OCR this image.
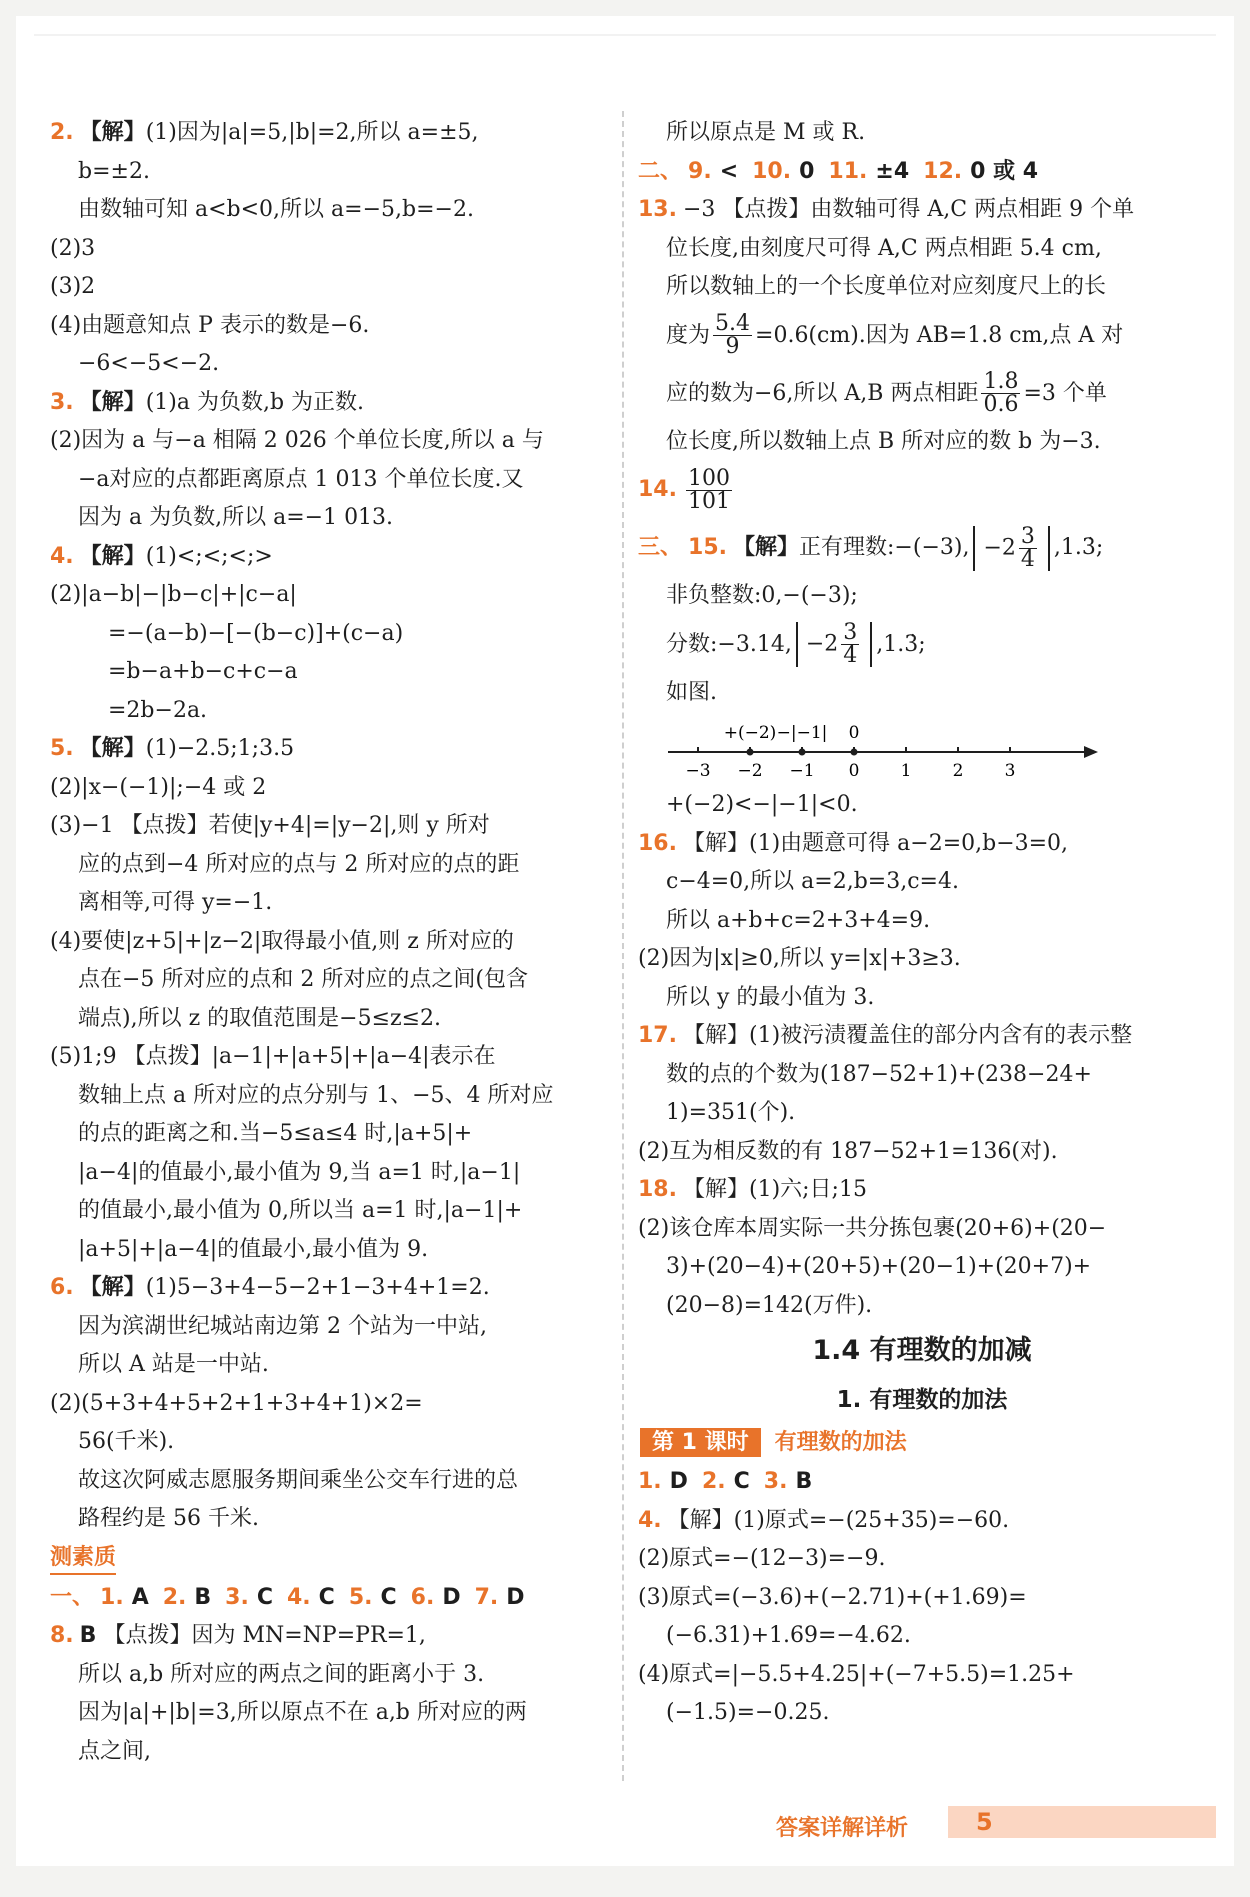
2. 【解】(1)因为|a|=5,|b|=2,所以 a=±5,
b=±2.
由数轴可知 a<b<0,所以 a=−5,b=−2.
(2)3
(3)2
(4)由题意知点 P 表示的数是−6.
−6<−5<−2.
3. 【解】(1)a 为负数,b 为正数.
(2)因为 a 与−a 相隔 2 026 个单位长度,所以 a 与
−a对应的点都距离原点 1 013 个单位长度.又
因为 a 为负数,所以 a=−1 013.
4. 【解】(1)<;<;<;>
(2)|a−b|−|b−c|+|c−a|
=−(a−b)−[−(b−c)]+(c−a)
=b−a+b−c+c−a
=2b−2a.
5. 【解】(1)−2.5;1;3.5
(2)|x−(−1)|;−4 或 2
(3)−1 【点拨】若使|y+4|=|y−2|,则 y 所对
应的点到−4 所对应的点与 2 所对应的点的距
离相等,可得 y=−1.
(4)要使|z+5|+|z−2|取得最小值,则 z 所对应的
点在−5 所对应的点和 2 所对应的点之间(包含
端点),所以 z 的取值范围是−5≤z≤2.
(5)1;9 【点拨】|a−1|+|a+5|+|a−4|表示在
数轴上点 a 所对应的点分别与 1、−5、4 所对应
的点的距离之和.当−5≤a≤4 时,|a+5|+
|a−4|的值最小,最小值为 9,当 a=1 时,|a−1|
的值最小,最小值为 0,所以当 a=1 时,|a−1|+
|a+5|+|a−4|的值最小,最小值为 9.
6. 【解】(1)5−3+4−5−2+1−3+4+1=2.
因为滨湖世纪城站南边第 2 个站为一中站,
所以 A 站是一中站.
(2)(5+3+4+5+2+1+3+4+1)×2=
56(千米).
故这次阿威志愿服务期间乘坐公交车行进的总
路程约是 56 千米.
测素质
一、 1. A 2. B 3. C 4. C 5. C 6. D 7. D
8. B 【点拨】因为 MN=NP=PR=1,
所以 a,b 所对应的两点之间的距离小于 3.
因为|a|+|b|=3,所以原点不在 a,b 所对应的两
点之间,
所以原点是 M 或 R.
二、 9. < 10. 0 11. ±4 12. 0 或 4
13. −3 【点拨】由数轴可得 A,C 两点相距 9 个单
位长度,由刻度尺可得 A,C 两点相距 5.4 cm,
所以数轴上的一个长度单位对应刻度尺上的长
度为 $\frac{5.4}{9} =0.6(cm)$.因为 AB=1.8 cm,点 A 对
应的数为−6,所以 A,B 两点相距 $\frac{1.8}{0.6} =3$ 个单
位长度,所以数轴上点 B 所对应的数 b 为−3.
14. $\frac{100}{101}$
三、 15. 【解】正有理数:−(−3), $-2 \frac{3}{4}$ ,1.3̇;
非负整数:0,−(−3);
分数:−3.14, $-2 \frac{3}{4}$ ,1.3̇;
如图.
−3 −2 −1 0 1 2 3
+(−2) −|−1| 0
+(−2)<−|−1|<0.
16. 【解】(1)由题意可得 a−2=0,b−3=0,
c−4=0,所以 a=2,b=3,c=4.
所以 a+b+c=2+3+4=9.
(2)因为|x|≥0,所以 y=|x|+3≥3.
所以 y 的最小值为 3.
17. 【解】(1)被污渍覆盖住的部分内含有的表示整
数的点的个数为(187−52+1)+(238−24+
1)=351(个).
(2)互为相反数的有 187−52+1=136(对).
18. 【解】(1)六;日;15
(2)该仓库本周实际一共分拣包裹(20+6)+(20−
3)+(20−4)+(20+5)+(20−1)+(20+7)+
(20−8)=142(万件).
1.4 有理数的加减
1. 有理数的加法
第 1 课时 有理数的加法
1. D 2. C 3. B
4. 【解】(1)原式=−(25+35)=−60.
(2)原式=−(12−3)=−9.
(3)原式=(−3.6)+(−2.71)+(+1.69)=
(−6.31)+1.69=−4.62.
(4)原式=|−5.5+4.25|+(−7+5.5)=1.25+
(−1.5)=−0.25.
答案详解详析	5
